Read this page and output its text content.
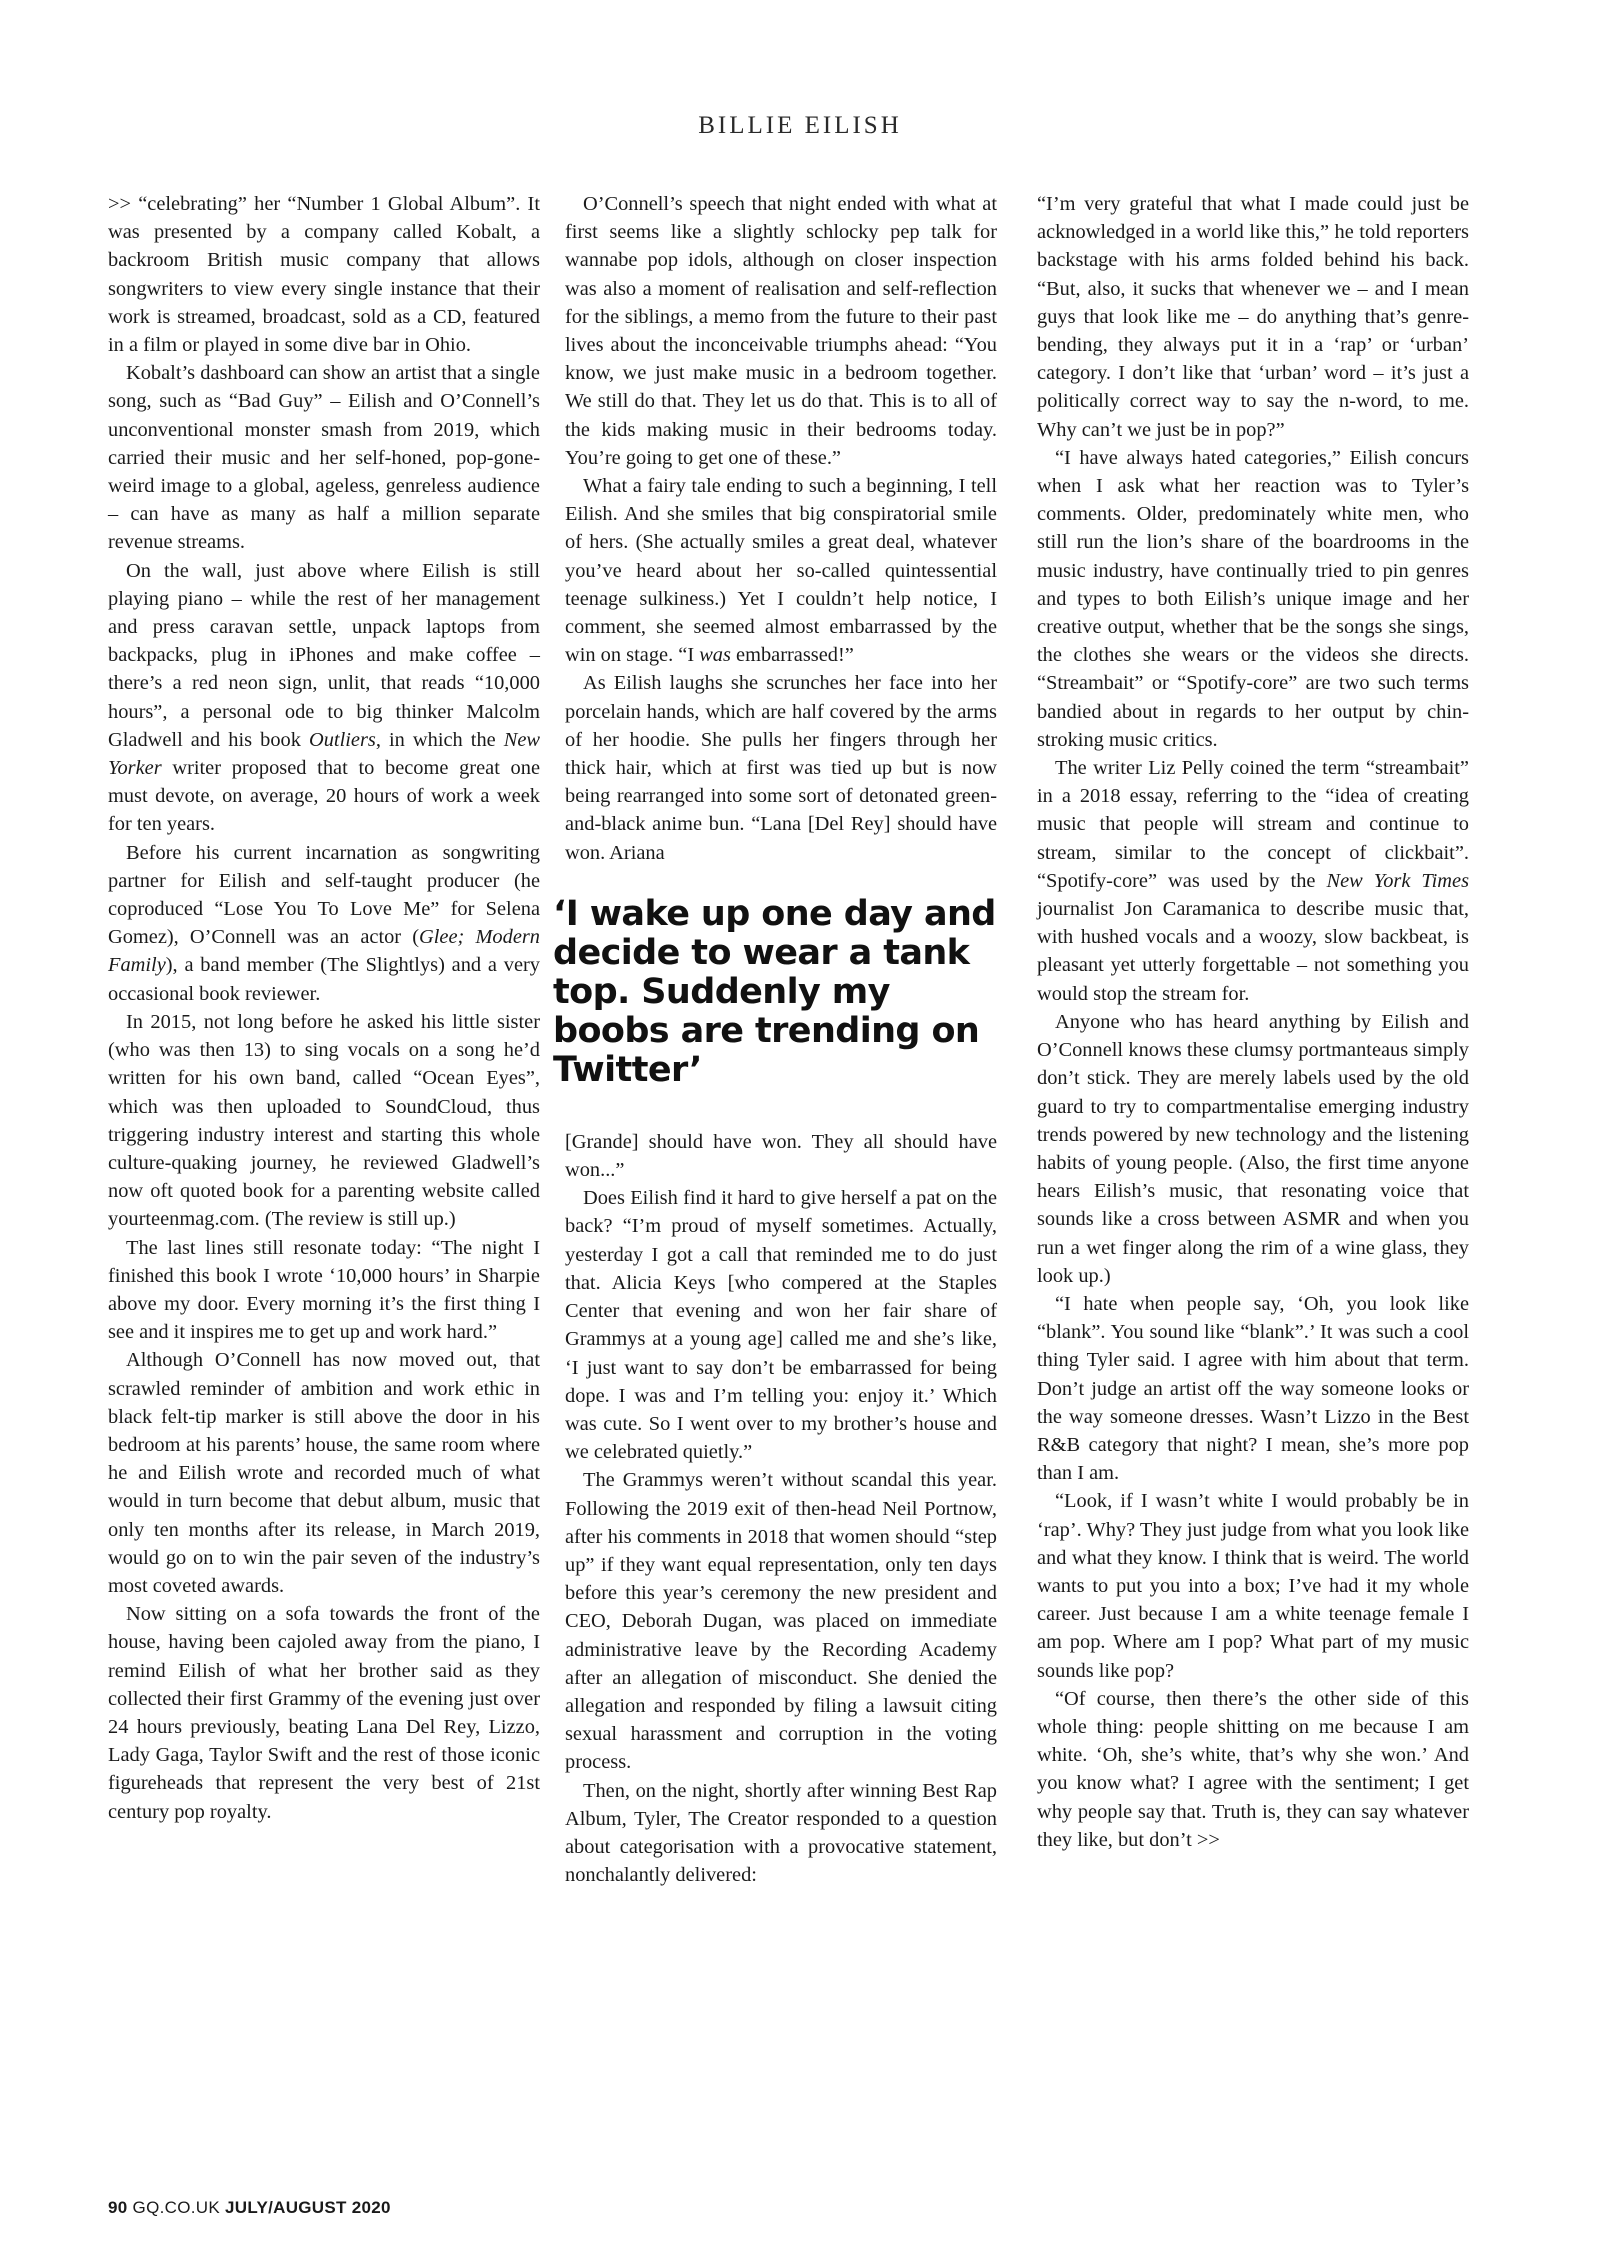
BILLIE EILISH

>> “celebrating” her “Number 1 Global Album”. It was presented by a company called Kobalt, a backroom British music company that allows songwriters to view every single instance that their work is streamed, broadcast, sold as a CD, featured in a film or played in some dive bar in Ohio.

Kobalt’s dashboard can show an artist that a single song, such as “Bad Guy” – Eilish and O’Connell’s unconventional monster smash from 2019, which carried their music and her self-honed, pop-gone-weird image to a global, ageless, genreless audience – can have as many as half a million separate revenue streams.

On the wall, just above where Eilish is still playing piano – while the rest of her management and press caravan settle, unpack laptops from backpacks, plug in iPhones and make coffee – there’s a red neon sign, unlit, that reads “10,000 hours”, a personal ode to big thinker Malcolm Gladwell and his book Outliers, in which the New Yorker writer proposed that to become great one must devote, on average, 20 hours of work a week for ten years.

Before his current incarnation as songwriting partner for Eilish and self-taught producer (he coproduced “Lose You To Love Me” for Selena Gomez), O’Connell was an actor (Glee; Modern Family), a band member (The Slightlys) and a very occasional book reviewer.

In 2015, not long before he asked his little sister (who was then 13) to sing vocals on a song he’d written for his own band, called “Ocean Eyes”, which was then uploaded to SoundCloud, thus triggering industry interest and starting this whole culture-quaking journey, he reviewed Gladwell’s now oft quoted book for a parenting website called yourteenmag.com. (The review is still up.)

The last lines still resonate today: “The night I finished this book I wrote ‘10,000 hours’ in Sharpie above my door. Every morning it’s the first thing I see and it inspires me to get up and work hard.”

Although O’Connell has now moved out, that scrawled reminder of ambition and work ethic in black felt-tip marker is still above the door in his bedroom at his parents’ house, the same room where he and Eilish wrote and recorded much of what would in turn become that debut album, music that only ten months after its release, in March 2019, would go on to win the pair seven of the industry’s most coveted awards.

Now sitting on a sofa towards the front of the house, having been cajoled away from the piano, I remind Eilish of what her brother said as they collected their first Grammy of the evening just over 24 hours previously, beating Lana Del Rey, Lizzo, Lady Gaga, Taylor Swift and the rest of those iconic figureheads that represent the very best of 21st century pop royalty.

O’Connell’s speech that night ended with what at first seems like a slightly schlocky pep talk for wannabe pop idols, although on closer inspection was also a moment of realisation and self-reflection for the siblings, a memo from the future to their past lives about the inconceivable triumphs ahead: “You know, we just make music in a bedroom together. We still do that. They let us do that. This is to all of the kids making music in their bedrooms today. You’re going to get one of these.”

What a fairy tale ending to such a beginning, I tell Eilish. And she smiles that big conspiratorial smile of hers. (She actually smiles a great deal, whatever you’ve heard about her so-called quintessential teenage sulkiness.) Yet I couldn’t help notice, I comment, she seemed almost embarrassed by the win on stage. “I was embarrassed!”

As Eilish laughs she scrunches her face into her porcelain hands, which are half covered by the arms of her hoodie. She pulls her fingers through her thick hair, which at first was tied up but is now being rearranged into some sort of detonated green-and-black anime bun. “Lana [Del Rey] should have won. Ariana

‘I wake up one day and decide to wear a tank top. Suddenly my boobs are trending on Twitter’

[Grande] should have won. They all should have won...”

Does Eilish find it hard to give herself a pat on the back? “I’m proud of myself sometimes. Actually, yesterday I got a call that reminded me to do just that. Alicia Keys [who compered at the Staples Center that evening and won her fair share of Grammys at a young age] called me and she’s like, ‘I just want to say don’t be embarrassed for being dope. I was and I’m telling you: enjoy it.’ Which was cute. So I went over to my brother’s house and we celebrated quietly.”

The Grammys weren’t without scandal this year. Following the 2019 exit of then-head Neil Portnow, after his comments in 2018 that women should “step up” if they want equal representation, only ten days before this year’s ceremony the new president and CEO, Deborah Dugan, was placed on immediate administrative leave by the Recording Academy after an allegation of misconduct. She denied the allegation and responded by filing a lawsuit citing sexual harassment and corruption in the voting process.

Then, on the night, shortly after winning Best Rap Album, Tyler, The Creator responded to a question about categorisation with a provocative statement, nonchalantly delivered:

“I’m very grateful that what I made could just be acknowledged in a world like this,” he told reporters backstage with his arms folded behind his back. “But, also, it sucks that whenever we – and I mean guys that look like me – do anything that’s genre-bending, they always put it in a ‘rap’ or ‘urban’ category. I don’t like that ‘urban’ word – it’s just a politically correct way to say the n-word, to me. Why can’t we just be in pop?”

“I have always hated categories,” Eilish concurs when I ask what her reaction was to Tyler’s comments. Older, predominately white men, who still run the lion’s share of the boardrooms in the music industry, have continually tried to pin genres and types to both Eilish’s unique image and her creative output, whether that be the songs she sings, the clothes she wears or the videos she directs. “Streambait” or “Spotify-core” are two such terms bandied about in regards to her output by chin-stroking music critics.

The writer Liz Pelly coined the term “streambait” in a 2018 essay, referring to the “idea of creating music that people will stream and continue to stream, similar to the concept of clickbait”. “Spotify-core” was used by the New York Times journalist Jon Caramanica to describe music that, with hushed vocals and a woozy, slow backbeat, is pleasant yet utterly forgettable – not something you would stop the stream for.

Anyone who has heard anything by Eilish and O’Connell knows these clumsy portmanteaus simply don’t stick. They are merely labels used by the old guard to try to compartmentalise emerging industry trends powered by new technology and the listening habits of young people. (Also, the first time anyone hears Eilish’s music, that resonating voice that sounds like a cross between ASMR and when you run a wet finger along the rim of a wine glass, they look up.)

“I hate when people say, ‘Oh, you look like “blank”. You sound like “blank”.’ It was such a cool thing Tyler said. I agree with him about that term. Don’t judge an artist off the way someone looks or the way someone dresses. Wasn’t Lizzo in the Best R&B category that night? I mean, she’s more pop than I am.

“Look, if I wasn’t white I would probably be in ‘rap’. Why? They just judge from what you look like and what they know. I think that is weird. The world wants to put you into a box; I’ve had it my whole career. Just because I am a white teenage female I am pop. Where am I pop? What part of my music sounds like pop?

“Of course, then there’s the other side of this whole thing: people shitting on me because I am white. ‘Oh, she’s white, that’s why she won.’ And you know what? I agree with the sentiment; I get why people say that. Truth is, they can say whatever they like, but don’t >>

90 GQ.CO.UK JULY/AUGUST 2020
